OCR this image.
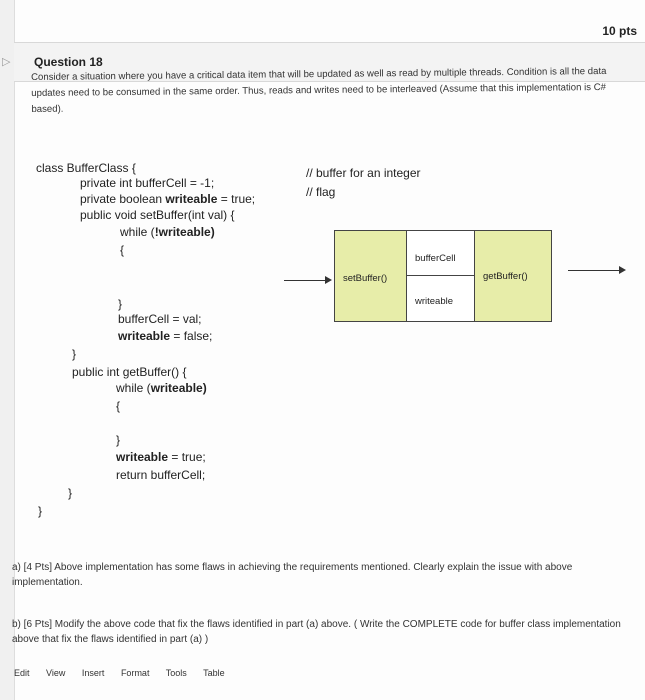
▷ Question 18
10 pts
Consider a situation where you have a critical data item that will be updated as well as read by multiple threads. Condition is all the data updates need to be consumed in the same order. Thus, reads and writes need to be interleaved (Assume that this implementation is C# based).
class BufferClass {
private int bufferCell = -1;
private boolean writeable = true;
public void setBuffer(int val) {
while (!writeable)
{
}
bufferCell = val;
writeable = false;
}
public int getBuffer() {
while (writeable)
{
}
writeable = true;
return bufferCell;
}
}
// buffer for an integer
// flag
setBuffer()
bufferCell
writeable
getBuffer()
a) [4 Pts] Above implementation has some flaws in achieving the requirements mentioned. Clearly explain the issue with above implementation.
b) [6 Pts] Modify the above code that fix the flaws identified in part (a) above. ( Write the COMPLETE code for buffer class implementation above that fix the flaws identified in part (a) )
Edit View Insert Format Tools Table
